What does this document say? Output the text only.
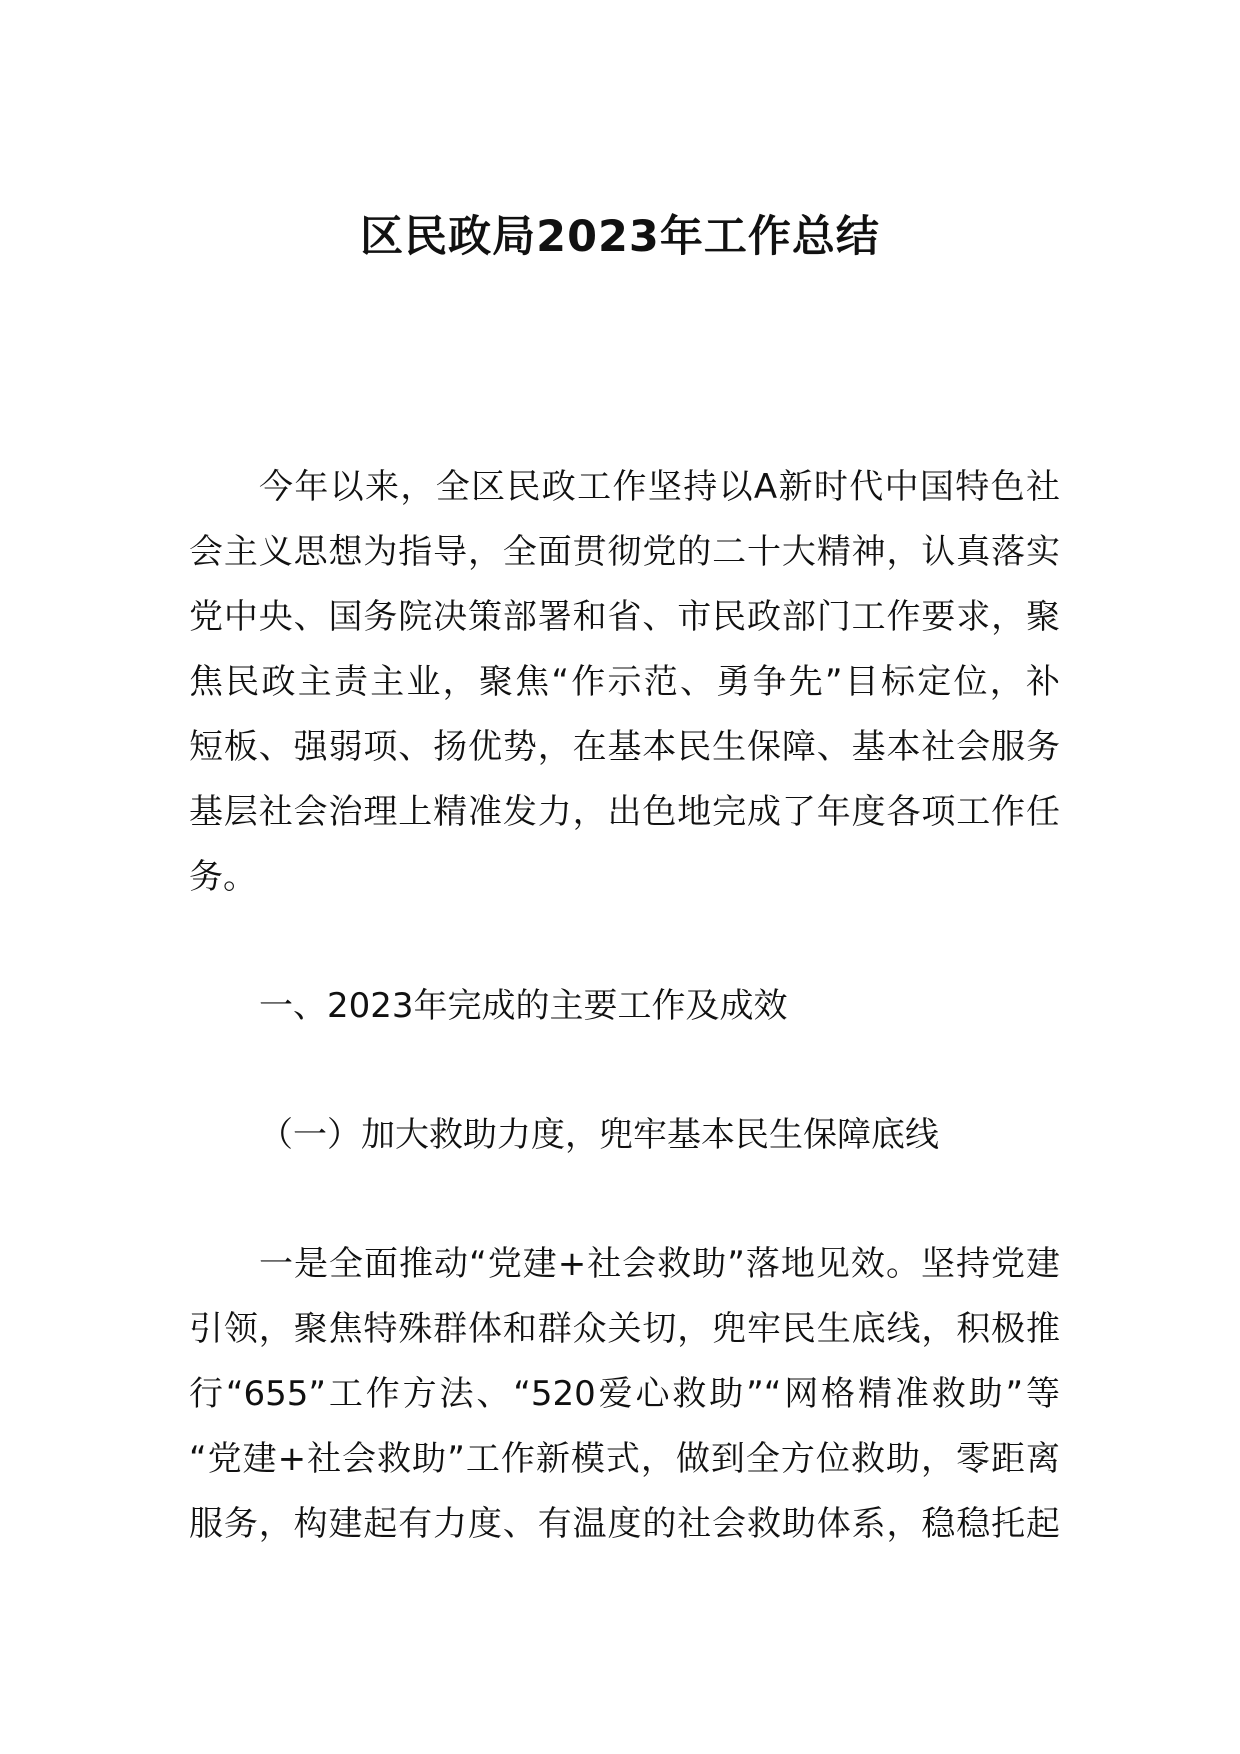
区民政局2023年工作总结
今年以来，全区民政工作坚持以A新时代中国特色社
会主义思想为指导，全面贯彻党的二十大精神，认真落实
党中央、国务院决策部署和省、市民政部门工作要求，聚
焦民政主责主业，聚焦“作示范、勇争先”目标定位，补
短板、强弱项、扬优势，在基本民生保障、基本社会服务
基层社会治理上精准发力，出色地完成了年度各项工作任
务。
一、2023年完成的主要工作及成效
（一）加大救助力度，兜牢基本民生保障底线
一是全面推动“党建+社会救助”落地见效。坚持党建
引领，聚焦特殊群体和群众关切，兜牢民生底线，积极推
行“655”工作方法、“520爱心救助”“网格精准救助”等
“党建+社会救助”工作新模式，做到全方位救助，零距离
服务，构建起有力度、有温度的社会救助体系，稳稳托起
